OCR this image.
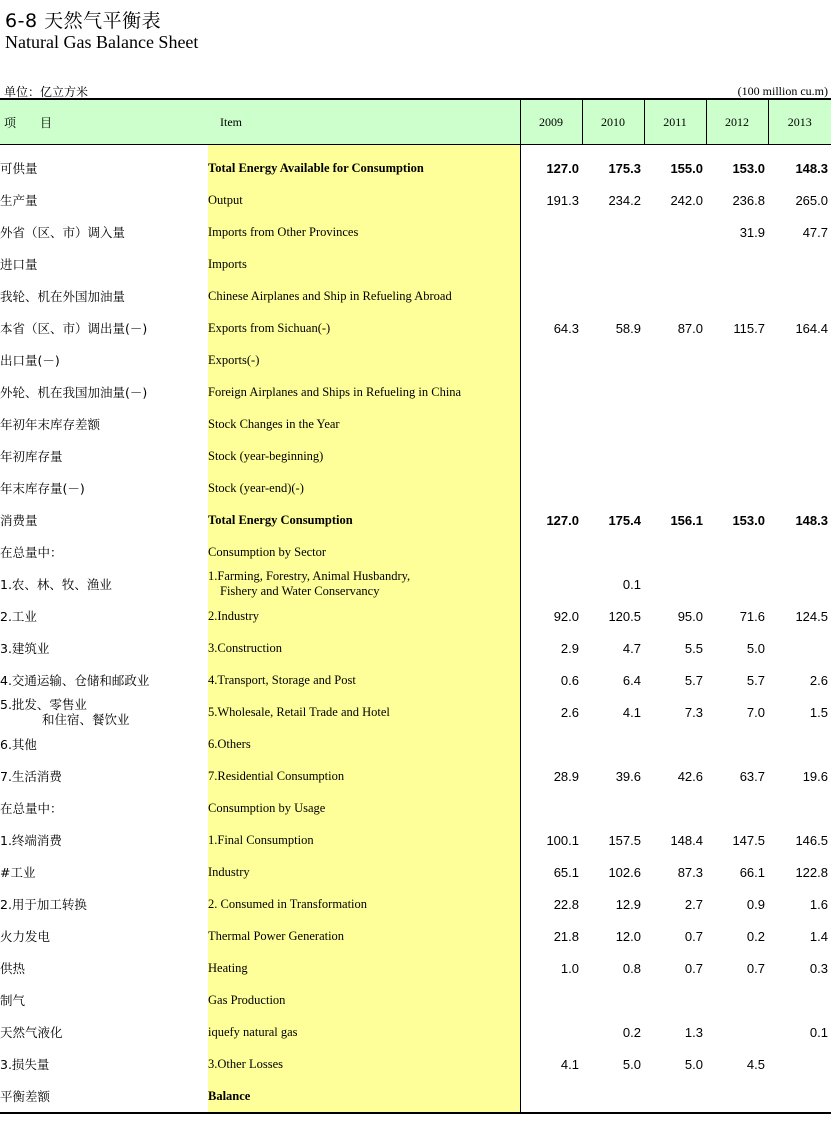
6-8 天然气平衡表
Natural Gas Balance Sheet
单位：亿立方米	(100 million cu.m)
项　　目	Item	2009	2010	2011	2012	2013

可供量	Total Energy Available for Consumption	127.0	175.3	155.0	153.0	148.3
生产量	Output	191.3	234.2	242.0	236.8	265.0
外省（区、市）调入量	Imports from Other Provinces				31.9	47.7
进口量	Imports					
我轮、机在外国加油量	Chinese Airplanes and Ship in Refueling Abroad					
本省（区、市）调出量(－)	Exports from Sichuan(-)	64.3	58.9	87.0	115.7	164.4
出口量(－)	Exports(-)					
外轮、机在我国加油量(－)	Foreign Airplanes and Ships in Refueling in China					
年初年末库存差额	Stock Changes in the Year					
年初库存量	Stock (year-beginning)					
年末库存量(－)	Stock (year-end)(-)					
消费量	Total Energy Consumption	127.0	175.4	156.1	153.0	148.3
在总量中：	Consumption by Sector					
1.农、林、牧、渔业	1.Farming, Forestry, Animal Husbandry,
Fishery and Water Conservancy		0.1			
2.工业	2.Industry	92.0	120.5	95.0	71.6	124.5
3.建筑业	3.Construction	2.9	4.7	5.5	5.0	
4.交通运输、仓储和邮政业	4.Transport, Storage and Post	0.6	6.4	5.7	5.7	2.6

5.批发、零售业
和住宿、餐饮业	5.Wholesale, Retail Trade and Hotel	2.6	4.1	7.3	7.0	1.5
6.其他	6.Others					
7.生活消费	7.Residential Consumption	28.9	39.6	42.6	63.7	19.6
在总量中：	Consumption by Usage					
1.终端消费	1.Final Consumption	100.1	157.5	148.4	147.5	146.5
#工业	Industry	65.1	102.6	87.3	66.1	122.8
2.用于加工转换	2. Consumed in Transformation	22.8	12.9	2.7	0.9	1.6
火力发电	Thermal Power Generation	21.8	12.0	0.7	0.2	1.4
供热	Heating	1.0	0.8	0.7	0.7	0.3
制气	Gas Production					
天然气液化	iquefy natural gas		0.2	1.3		0.1
3.损失量	3.Other Losses	4.1	5.0	5.0	4.5	
平衡差额	Balance					
